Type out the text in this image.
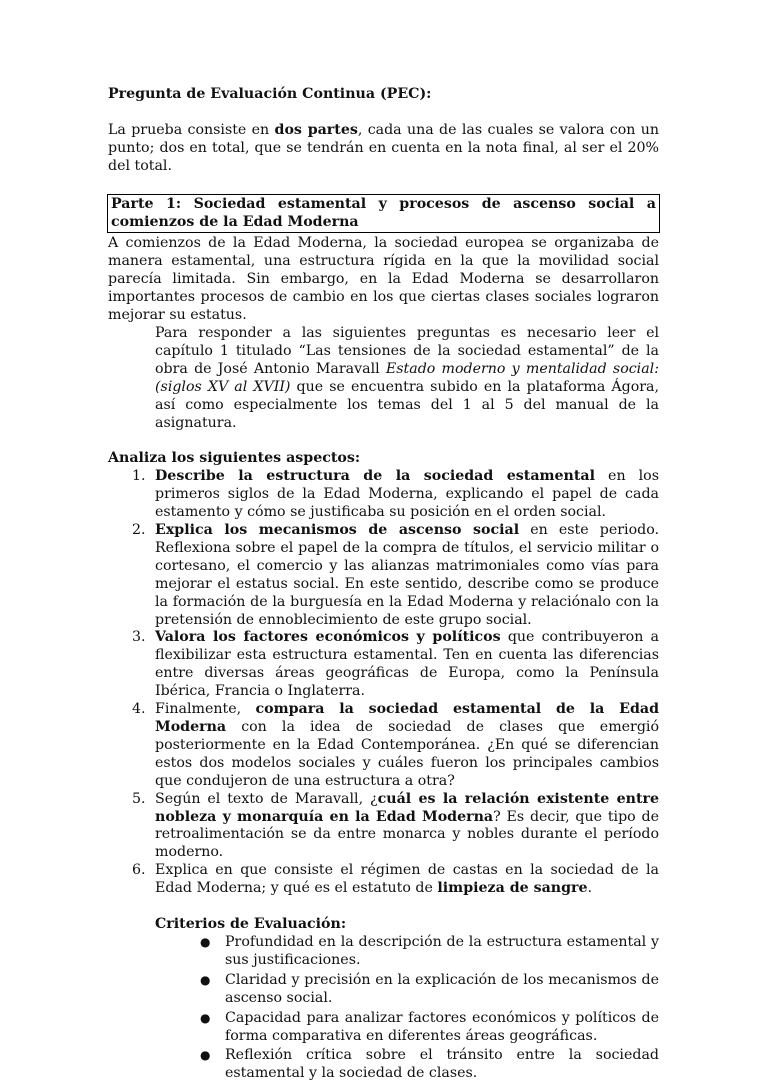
Pregunta de Evaluación Continua (PEC):

La prueba consiste en dos partes, cada una de las cuales se valora con un punto; dos en total, que se tendrán en cuenta en la nota final, al ser el 20% del total.

Parte 1: Sociedad estamental y procesos de ascenso social a comienzos de la Edad Moderna

A comienzos de la Edad Moderna, la sociedad europea se organizaba de manera estamental, una estructura rígida en la que la movilidad social parecía limitada. Sin embargo, en la Edad Moderna se desarrollaron importantes procesos de cambio en los que ciertas clases sociales lograron mejorar su estatus.

Para responder a las siguientes preguntas es necesario leer el capítulo 1 titulado “Las tensiones de la sociedad estamental” de la obra de José Antonio Maravall Estado moderno y mentalidad social: (siglos XV al XVII) que se encuentra subido en la plataforma Ágora, así como especialmente los temas del 1 al 5 del manual de la asignatura.

Analiza los siguientes aspectos:

1. Describe la estructura de la sociedad estamental en los primeros siglos de la Edad Moderna, explicando el papel de cada estamento y cómo se justificaba su posición en el orden social.
2. Explica los mecanismos de ascenso social en este periodo. Reflexiona sobre el papel de la compra de títulos, el servicio militar o cortesano, el comercio y las alianzas matrimoniales como vías para mejorar el estatus social. En este sentido, describe como se produce la formación de la burguesía en la Edad Moderna y relaciónalo con la pretensión de ennoblecimiento de este grupo social.
3. Valora los factores económicos y políticos que contribuyeron a flexibilizar esta estructura estamental. Ten en cuenta las diferencias entre diversas áreas geográficas de Europa, como la Península Ibérica, Francia o Inglaterra.
4. Finalmente, compara la sociedad estamental de la Edad Moderna con la idea de sociedad de clases que emergió posteriormente en la Edad Contemporánea. ¿En qué se diferencian estos dos modelos sociales y cuáles fueron los principales cambios que condujeron de una estructura a otra?
5. Según el texto de Maravall, ¿cuál es la relación existente entre nobleza y monarquía en la Edad Moderna? Es decir, que tipo de retroalimentación se da entre monarca y nobles durante el período moderno.
6. Explica en que consiste el régimen de castas en la sociedad de la Edad Moderna; y qué es el estatuto de limpieza de sangre.

Criterios de Evaluación:

● Profundidad en la descripción de la estructura estamental y sus justificaciones.
● Claridad y precisión en la explicación de los mecanismos de ascenso social.
● Capacidad para analizar factores económicos y políticos de forma comparativa en diferentes áreas geográficas.
● Reflexión crítica sobre el tránsito entre la sociedad estamental y la sociedad de clases.
